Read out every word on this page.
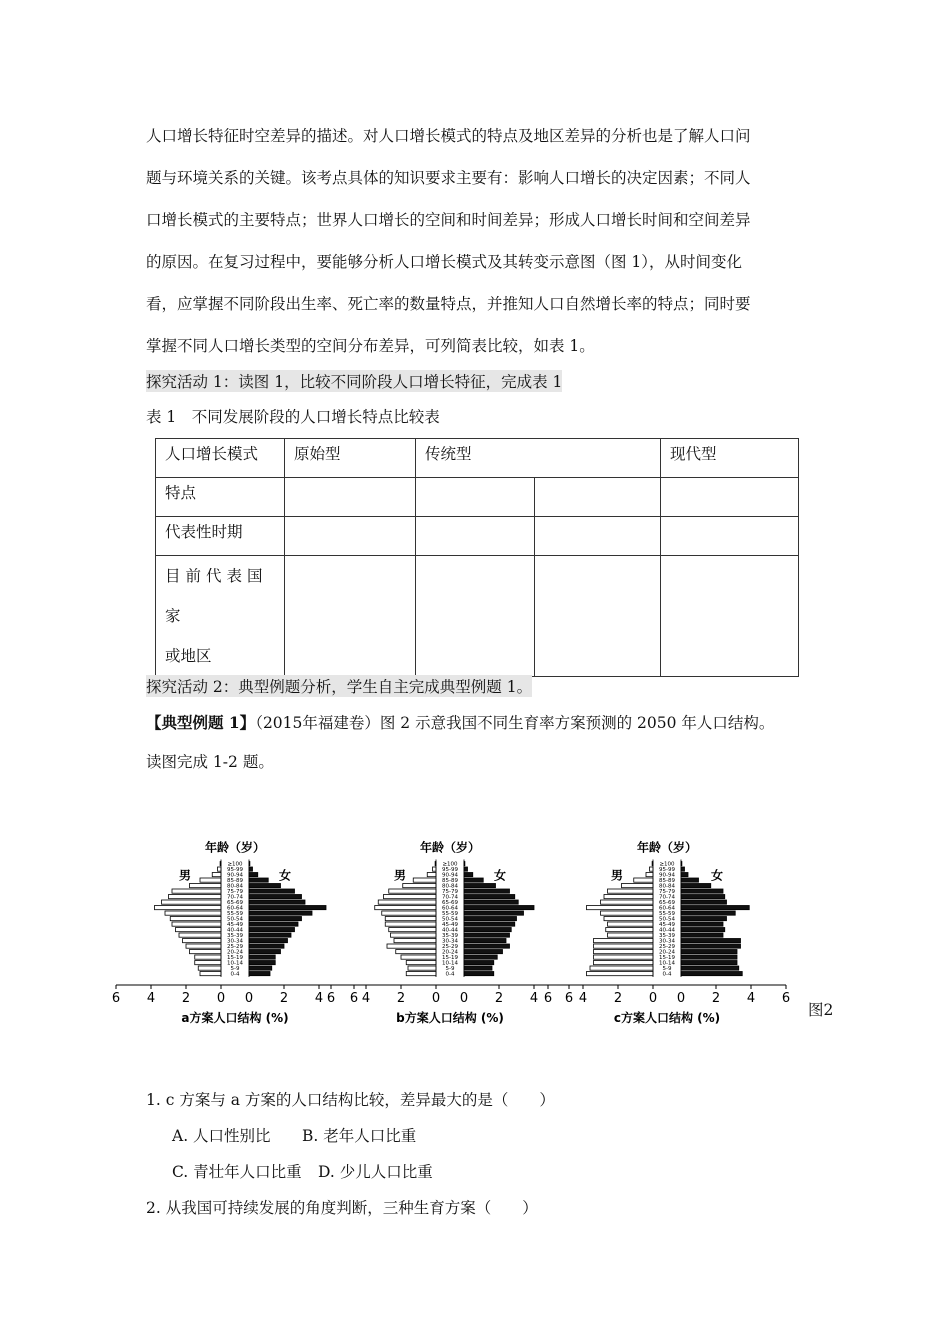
人口增长特征时空差异的描述。对人口增长模式的特点及地区差异的分析也是了解人口问
题与环境关系的关键。该考点具体的知识要求主要有：影响人口增长的决定因素；不同人
口增长模式的主要特点；世界人口增长的空间和时间差异；形成人口增长时间和空间差异
的原因。在复习过程中，要能够分析人口增长模式及其转变示意图（图 1），从时间变化
看，应掌握不同阶段出生率、死亡率的数量特点，并推知人口自然增长率的特点；同时要
掌握不同人口增长类型的空间分布差异，可列简表比较，如表 1。
探究活动 1：读图 1，比较不同阶段人口增长特征，完成表 1
表 1　不同发展阶段的人口增长特点比较表
人口增长模式	原始型	传统型		现代型
特点				
代表性时期				

目前代表国家
或地区				

探究活动 2：典型例题分析，学生自主完成典型例题 1。
【典型例题 1】（2015年福建卷）图 2 示意我国不同生育率方案预测的 2050 年人口结构。
读图完成 1-2 题。
0-4
5-9
10-14
15-19
20-24
25-29
30-34
35-39
40-44
45-49
50-54
55-59
60-64
65-69
70-74
75-79
80-84
85-89
90-94
95-99
≥100
年龄（岁）
男	女
6 4 2 0	2 4 6
0
a方案人口结构 (%)
0-4
5-9
10-14
15-19
20-24
25-29
30-34
35-39
40-44
45-49
50-54
55-59
60-64
65-69
70-74
75-79
80-84
85-89
90-94
95-99
≥100
年龄（岁）
男	女
6 4 2 0	2 4 6
0
b方案人口结构 (%)
0-4
5-9
10-14
15-19
20-24
25-29
30-34
35-39
40-44
45-49
50-54
55-59
60-64
65-69
70-74
75-79
80-84
85-89
90-94
95-99
≥100
年龄（岁）
男	女
6 4 2 0	2 4 6
0
c方案人口结构 (%)	图2
1. c 方案与 a 方案的人口结构比较，差异最大的是（　　）
A. 人口性别比 B. 老年人口比重
C. 青壮年人口比重 D. 少儿人口比重
2. 从我国可持续发展的角度判断，三种生育方案（　　）
